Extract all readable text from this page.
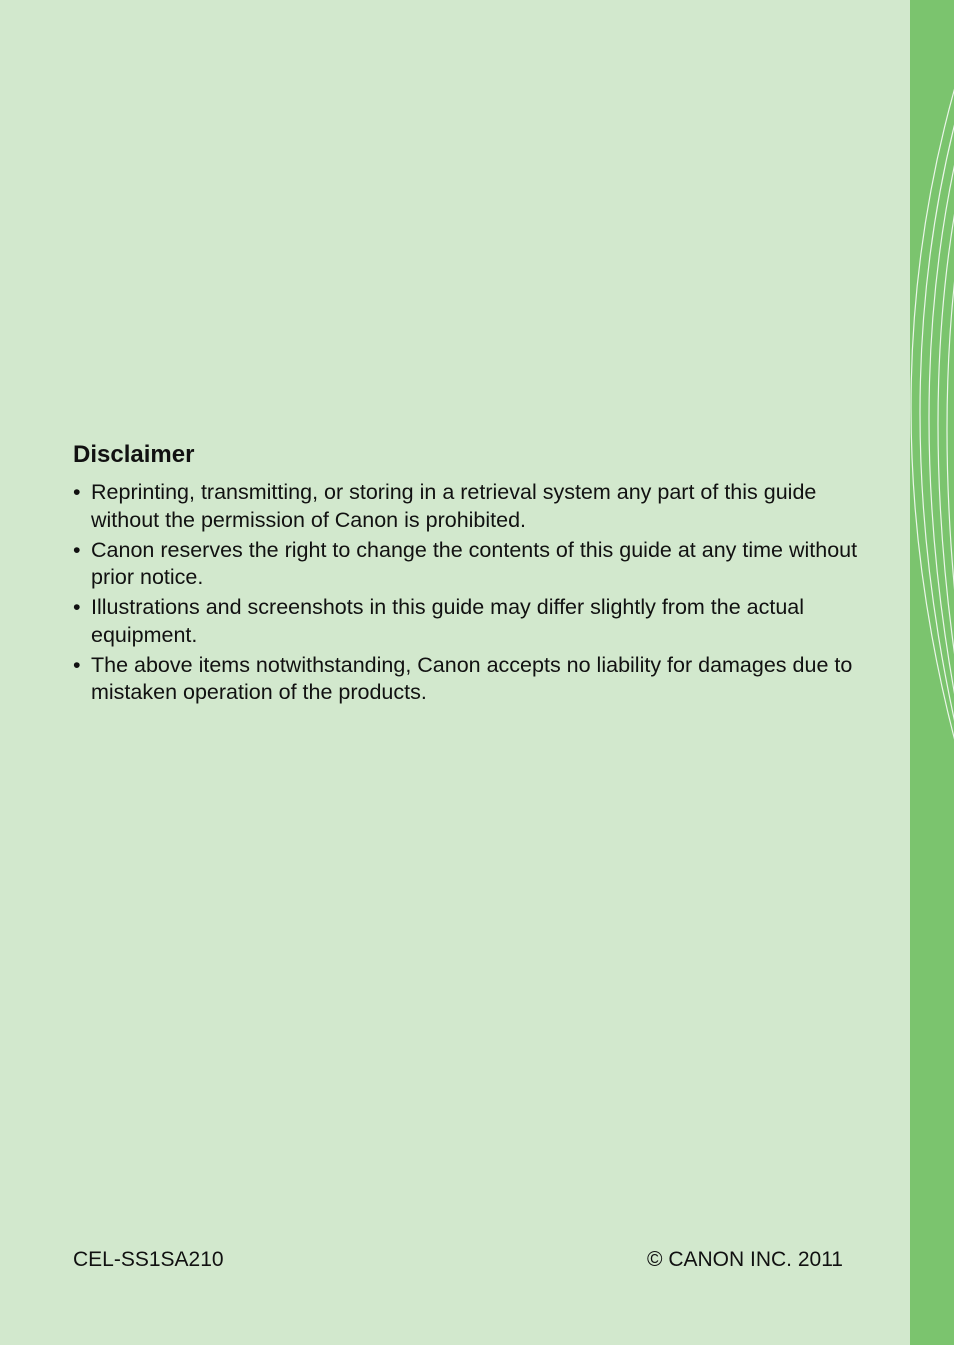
Disclaimer
• Reprinting, transmitting, or storing in a retrieval system any part of this guide without the permission of Canon is prohibited.
• Canon reserves the right to change the contents of this guide at any time without prior notice.
• Illustrations and screenshots in this guide may differ slightly from the actual equipment.
• The above items notwithstanding, Canon accepts no liability for damages due to mistaken operation of the products.
CEL-SS1SA210	© CANON INC. 2011
